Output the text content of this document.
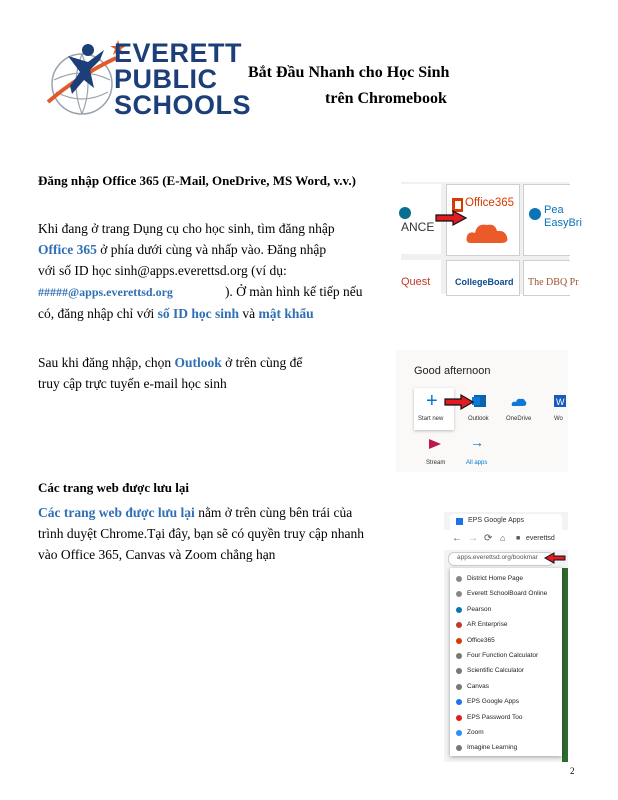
EVERETT
PUBLIC
SCHOOLS
Bắt Đầu Nhanh cho Học Sinh
trên Chromebook
Đăng nhập Office 365 (E-Mail, OneDrive, MS Word, v.v.)
Khi đang ở trang Dụng cụ cho học sinh, tìm đăng nhập
Office 365 ở phía dưới cùng và nhấp vào. Đăng nhập
với số ID học sinh@apps.everettsd.org (ví dụ:
#####@apps.everettsd.org	). Ở màn hình kế tiếp nếu
có, đăng nhập chỉ với số ID học sinh và mật khẩu
ANCE
Office365
Pea EasyBri
Quest	CollegeBoard The DBQ Pr
Sau khi đăng nhập, chọn Outlook ở trên cùng để
truy cập trực tuyến e-mail học sinh
Good afternoon
+
Start new	Outlook	OneDrive
W
Wo
Stream
→
All apps
Các trang web được lưu lại
Các trang web được lưu lại nằm ở trên cùng bên trái của
trình duyệt Chrome.Tại đây, bạn sẽ có quyền truy cập nhanh
vào Office 365, Canvas và Zoom chẳng hạn
EPS Google Apps
← → ⟳ ⌂ ■ everettsd
apps.everettsd.org/bookmar
District Home Page
Everett SchoolBoard Online
Pearson
AR Enterprise
Office365
Four Function Calculator
Scientific Calculator
Canvas
EPS Google Apps
EPS Password Too
Zoom
Imagine Learning
2
